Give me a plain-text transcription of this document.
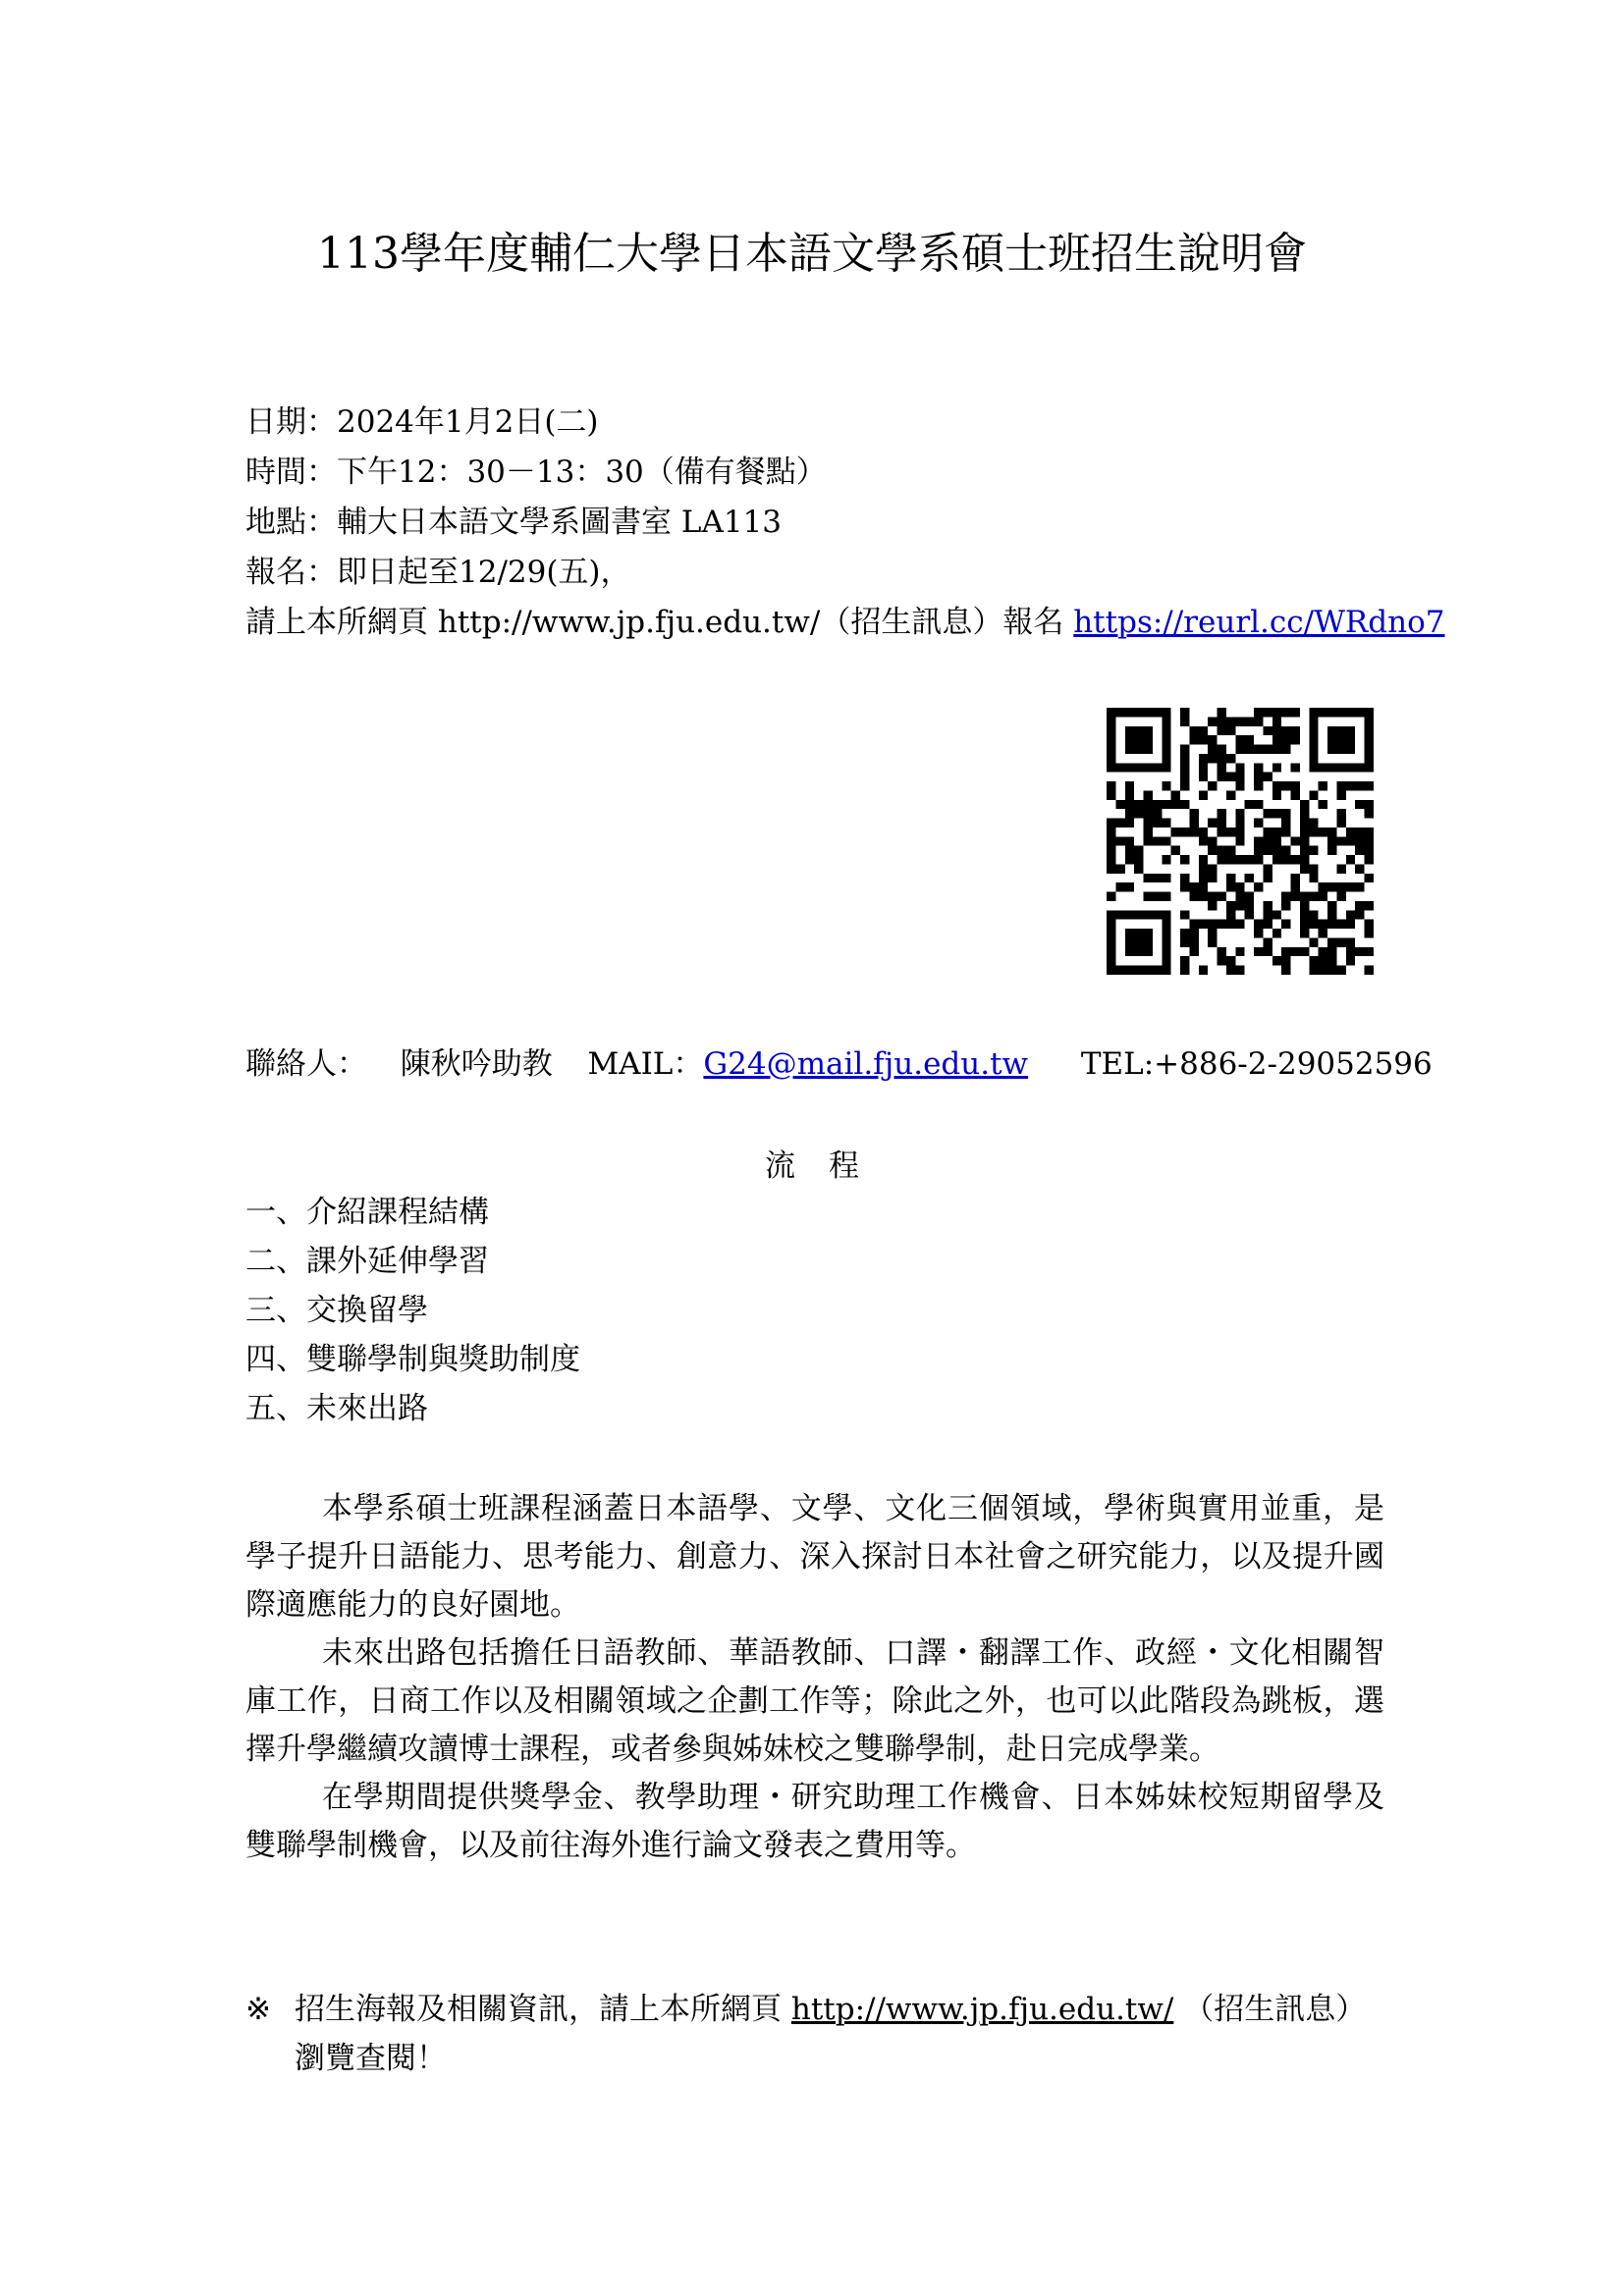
113學年度輔仁大學日本語文學系碩士班招生說明會
日期：2024年1月2日(二)
時間：下午12：30－13：30（備有餐點）
地點：輔大日本語文學系圖書室 LA113
報名：即日起至12/29(五)，
請上本所網頁 http://www.jp.fju.edu.tw/（招生訊息）報名 https://reurl.cc/WRdno7
聯絡人： 陳秋吟助教 MAIL：G24@mail.fju.edu.tw TEL:+886-2-29052596
流程
一、介紹課程結構
二、課外延伸學習
三、交換留學
四、雙聯學制與獎助制度
五、未來出路

本學系碩士班課程涵蓋日本語學、文學、文化三個領域，學術與實用並重，是學子提升日語能力、思考能力、創意力、深入探討日本社會之研究能力，以及提升國際適應能力的良好園地。

未來出路包括擔任日語教師、華語教師、口譯・翻譯工作、政經・文化相關智庫工作，日商工作以及相關領域之企劃工作等；除此之外，也可以此階段為跳板，選擇升學繼續攻讀博士課程，或者參與姊妹校之雙聯學制，赴日完成學業。

在學期間提供獎學金、教學助理・研究助理工作機會、日本姊妹校短期留學及雙聯學制機會，以及前往海外進行論文發表之費用等。

※ 招生海報及相關資訊，請上本所網頁 http://www.jp.fju.edu.tw/ （招生訊息）
瀏覽查閱！
